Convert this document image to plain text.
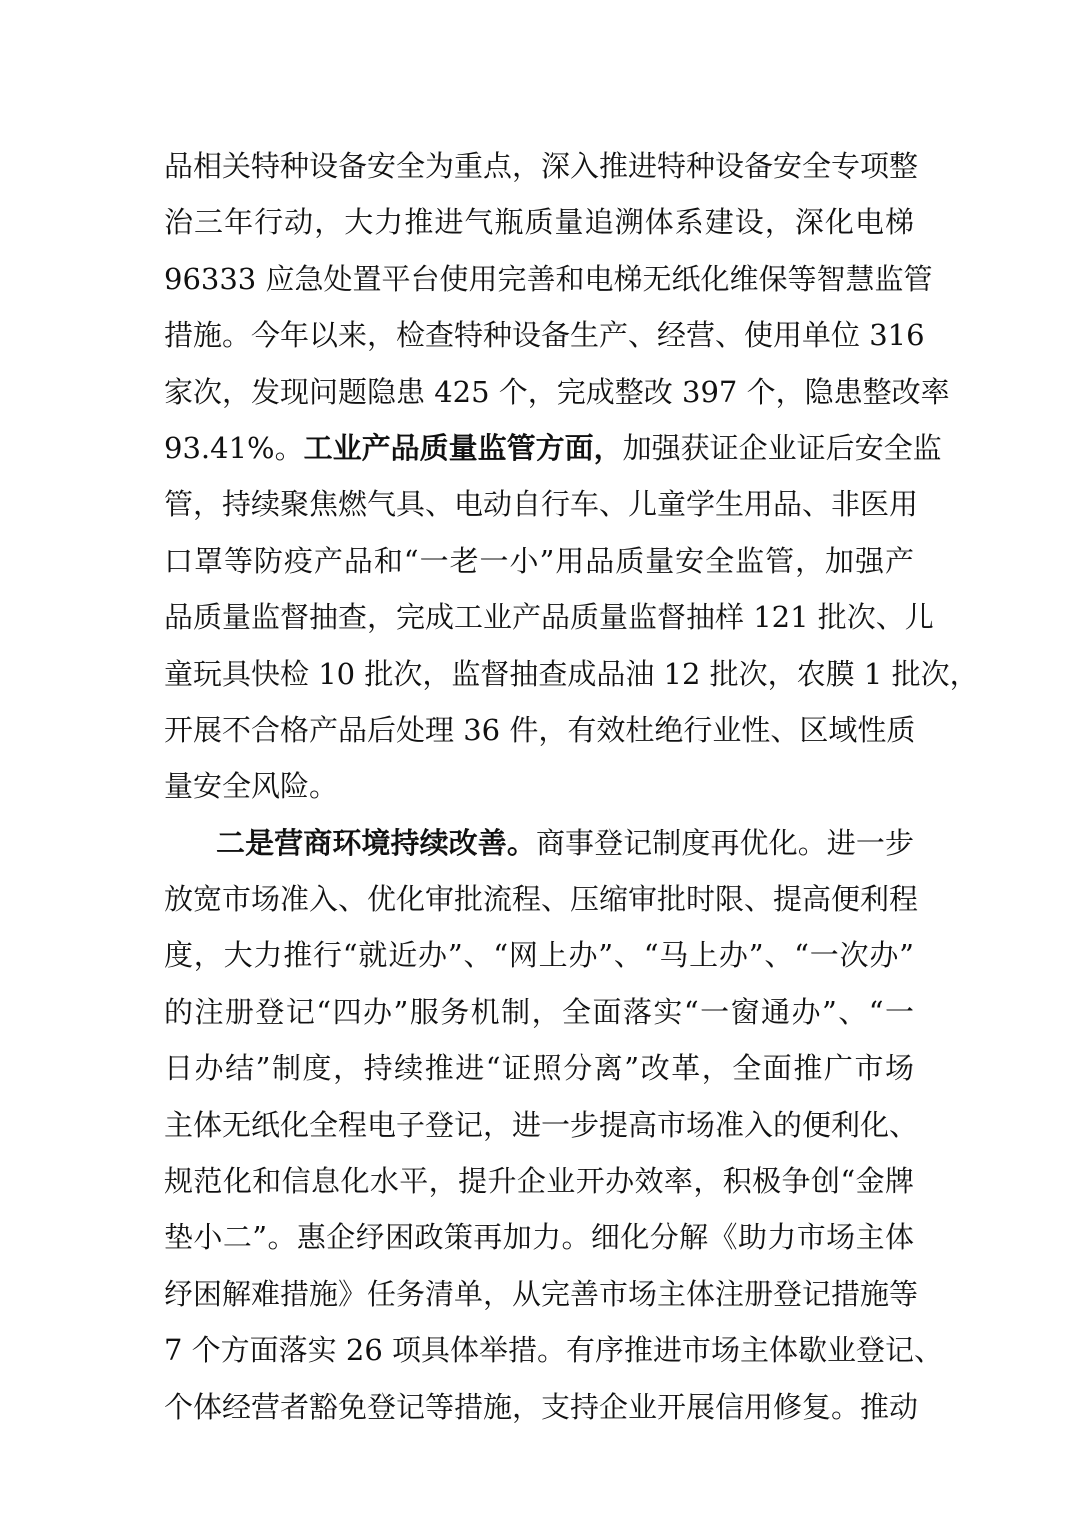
品相关特种设备安全为重点，深入推进特种设备安全专项整
治三年行动，大力推进气瓶质量追溯体系建设，深化电梯
96333 应急处置平台使用完善和电梯无纸化维保等智慧监管
措施。今年以来，检查特种设备生产、经营、使用单位 316
家次，发现问题隐患 425 个，完成整改 397 个，隐患整改率
93.41%。工业产品质量监管方面，加强获证企业证后安全监
管，持续聚焦燃气具、电动自行车、儿童学生用品、非医用
口罩等防疫产品和“一老一小”用品质量安全监管，加强产
品质量监督抽查，完成工业产品质量监督抽样 121 批次、儿
童玩具快检 10 批次，监督抽查成品油 12 批次，农膜 1 批次，
开展不合格产品后处理 36 件，有效杜绝行业性、区域性质
量安全风险。
二是营商环境持续改善。商事登记制度再优化。进一步
放宽市场准入、优化审批流程、压缩审批时限、提高便利程
度，大力推行“就近办”、“网上办”、“马上办”、“一次办”
的注册登记“四办”服务机制，全面落实“一窗通办”、“一
日办结”制度，持续推进“证照分离”改革，全面推广市场
主体无纸化全程电子登记，进一步提高市场准入的便利化、
规范化和信息化水平，提升企业开办效率，积极争创“金牌
垫小二”。惠企纾困政策再加力。细化分解《助力市场主体
纾困解难措施》任务清单，从完善市场主体注册登记措施等
7 个方面落实 26 项具体举措。有序推进市场主体歇业登记、
个体经营者豁免登记等措施，支持企业开展信用修复。推动
